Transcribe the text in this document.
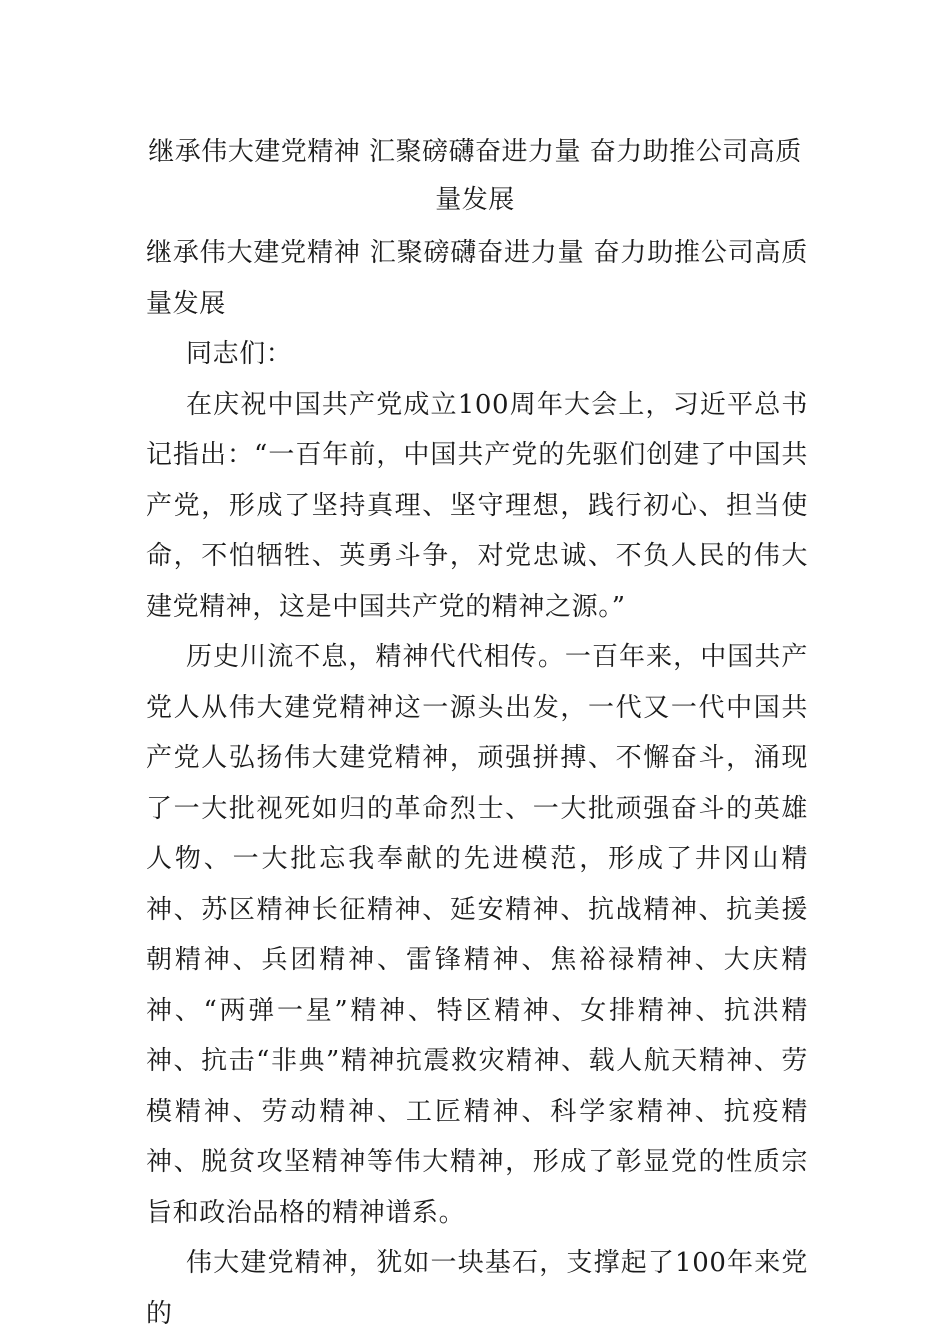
继承伟大建党精神 汇聚磅礴奋进力量 奋力助推公司高质量发展

继承伟大建党精神 汇聚磅礴奋进力量 奋力助推公司高质量发展

同志们：

在庆祝中国共产党成立100周年大会上，习近平总书记指出：“一百年前，中国共产党的先驱们创建了中国共产党，形成了坚持真理、坚守理想，践行初心、担当使命，不怕牺牲、英勇斗争，对党忠诚、不负人民的伟大建党精神，这是中国共产党的精神之源。”

历史川流不息，精神代代相传。一百年来，中国共产党人从伟大建党精神这一源头出发，一代又一代中国共产党人弘扬伟大建党精神，顽强拼搏、不懈奋斗，涌现了一大批视死如归的革命烈士、一大批顽强奋斗的英雄人物、一大批忘我奉献的先进模范，形成了井冈山精神、苏区精神长征精神、延安精神、抗战精神、抗美援朝精神、兵团精神、雷锋精神、焦裕禄精神、大庆精神、“两弹一星”精神、特区精神、女排精神、抗洪精神、抗击“非典”精神抗震救灾精神、载人航天精神、劳模精神、劳动精神、工匠精神、科学家精神、抗疫精神、脱贫攻坚精神等伟大精神，形成了彰显党的性质宗旨和政治品格的精神谱系。

伟大建党精神，犹如一块基石，支撑起了100年来党的
